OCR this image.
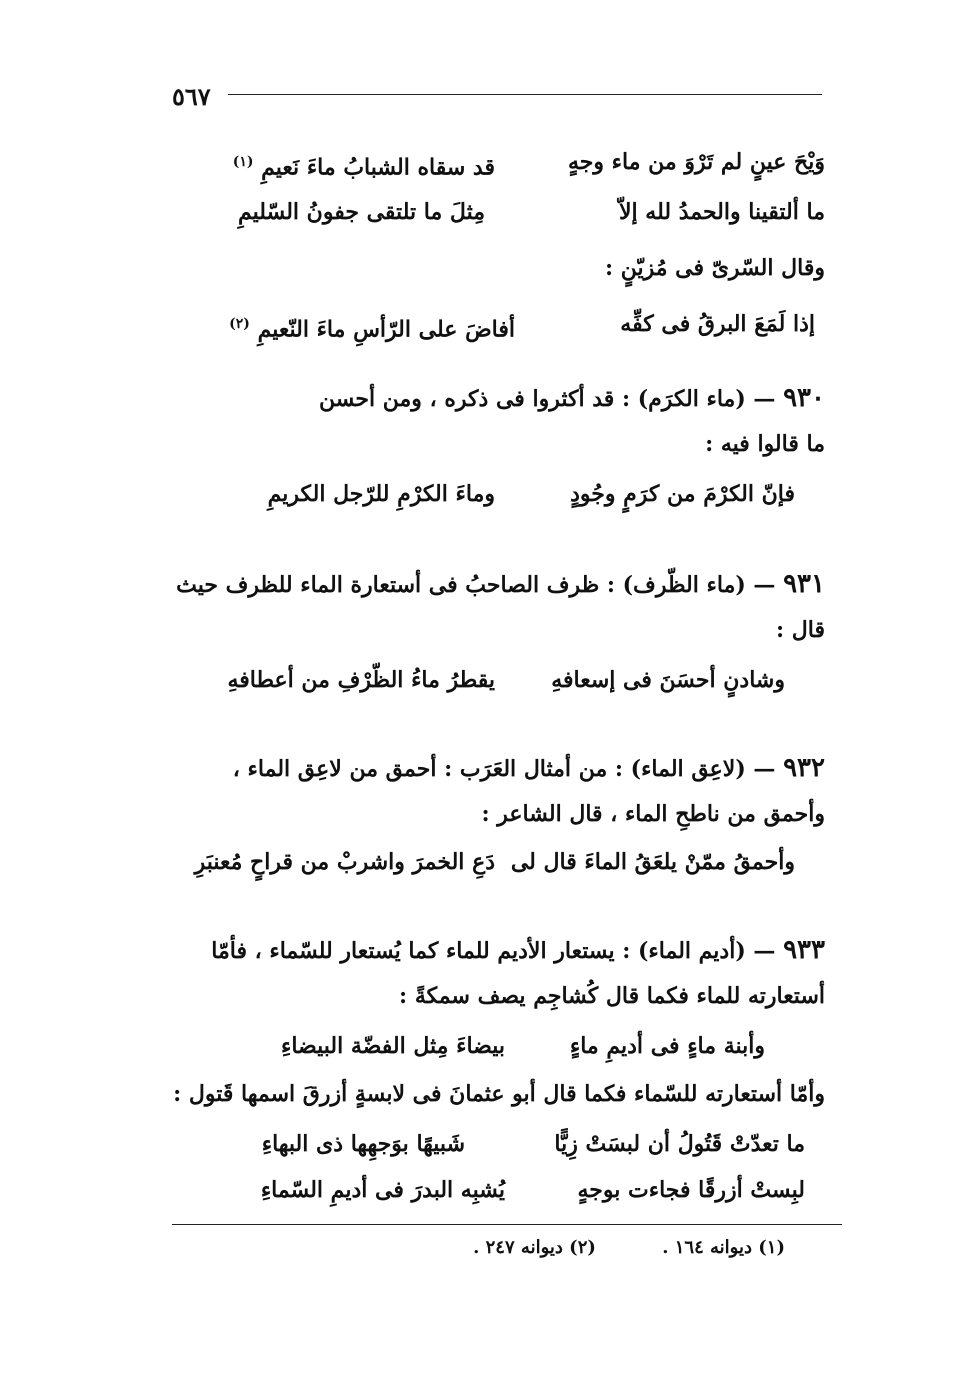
٥٦٧
وَيْحَ عينٍ لم تَرْوَ من ماء وجهٍ
قد سقاه الشبابُ ماءَ نَعيمِ $^{(١)}$
ما ألتقينا والحمدُ لله إلاّ
مِثلَ ما تلتقى جفونُ السّليمِ
وقال السّرىّ فى مُزيّنٍ :
إذا لَمَعَ البرقُ فى كفِّه
أفاضَ على الرّأسِ ماءَ النّعيمِ $^{(٢)}$
٩٣٠ — (ماء الكرَم) : قد أكثروا فى ذكره ، ومن أحسن
ما قالوا فيه :
فإنّ الكرْمَ من كرَمٍ وجُودٍ
وماءَ الكرْمِ للرّجل الكريمِ
٩٣١ — (ماء الظّرف) : ظرف الصاحبُ فى أستعارة الماء للظرف حيث
قال :
وشادنٍ أحسَنَ فى إسعافهِ
يقطرُ ماءُ الظّرْفِ من أعطافهِ
٩٣٢ — (لاعِق الماء) : من أمثال العَرَب : أحمق من لاعِق الماء ،
وأحمق من ناطحِ الماء ، قال الشاعر :
وأحمقُ ممّنْ يلعَقُ الماءَ قال لى
دَعِ الخمرَ واشربْ من قراحٍ مُعنبَرِ
٩٣٣ — (أديم الماء) : يستعار الأديم للماء كما يُستعار للسّماء ، فأمّا
أستعارته للماء فكما قال كُشاجِم يصف سمكةً :
وأبنة ماءٍ فى أديمِ ماءٍ
بيضاءَ مِثل الفضّة البيضاءِ
وأمّا أستعارته للسّماء فكما قال أبو عثمانَ فى لابسةٍ أزرقَ اسمها قَتول :
ما تعدّتْ قَتُولُ أن لبسَتْ زِيًّا
شَبيهًا بوَجهِها ذى البهاءِ
لبِستْ أزرقًا فجاءت بوجهٍ
يُشبِه البدرَ فى أديمِ السّماءِ
(١) ديوانه ١٦٤ . (٢) ديوانه ٢٤٧ .
